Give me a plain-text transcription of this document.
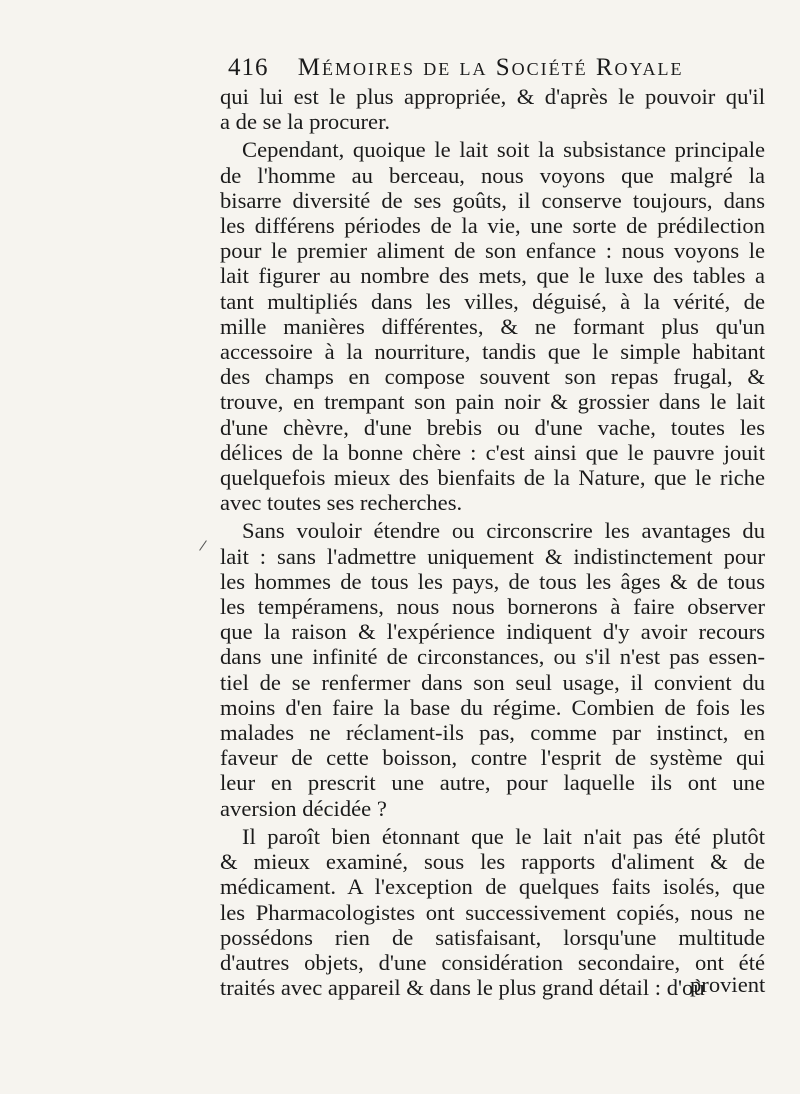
416 Mémoires de la Société Royale
qui lui est le plus appropriée, & d'après le pouvoir qu'il
a de se la procurer.
Cependant, quoique le lait soit la subsistance principale
de l'homme au berceau, nous voyons que malgré la
bisarre diversité de ses goûts, il conserve toujours, dans
les différens périodes de la vie, une sorte de prédilection
pour le premier aliment de son enfance : nous voyons le
lait figurer au nombre des mets, que le luxe des tables a
tant multipliés dans les villes, déguisé, à la vérité, de
mille manières différentes, & ne formant plus qu'un
accessoire à la nourriture, tandis que le simple habitant
des champs en compose souvent son repas frugal, &
trouve, en trempant son pain noir & grossier dans le lait
d'une chèvre, d'une brebis ou d'une vache, toutes les
délices de la bonne chère : c'est ainsi que le pauvre jouit
quelquefois mieux des bienfaits de la Nature, que le riche
avec toutes ses recherches.
Sans vouloir étendre ou circonscrire les avantages du
lait : sans l'admettre uniquement & indistinctement pour
les hommes de tous les pays, de tous les âges & de tous
les tempéramens, nous nous bornerons à faire observer
que la raison & l'expérience indiquent d'y avoir recours
dans une infinité de circonstances, ou s'il n'est pas essen-
tiel de se renfermer dans son seul usage, il convient du
moins d'en faire la base du régime. Combien de fois les
malades ne réclament-ils pas, comme par instinct, en
faveur de cette boisson, contre l'esprit de système qui
leur en prescrit une autre, pour laquelle ils ont une
aversion décidée ?
Il paroît bien étonnant que le lait n'ait pas été plutôt
& mieux examiné, sous les rapports d'aliment & de
médicament. A l'exception de quelques faits isolés, que
les Pharmacologistes ont successivement copiés, nous ne
possédons rien de satisfaisant, lorsqu'une multitude
d'autres objets, d'une considération secondaire, ont été
traités avec appareil & dans le plus grand détail : d'où
provient
